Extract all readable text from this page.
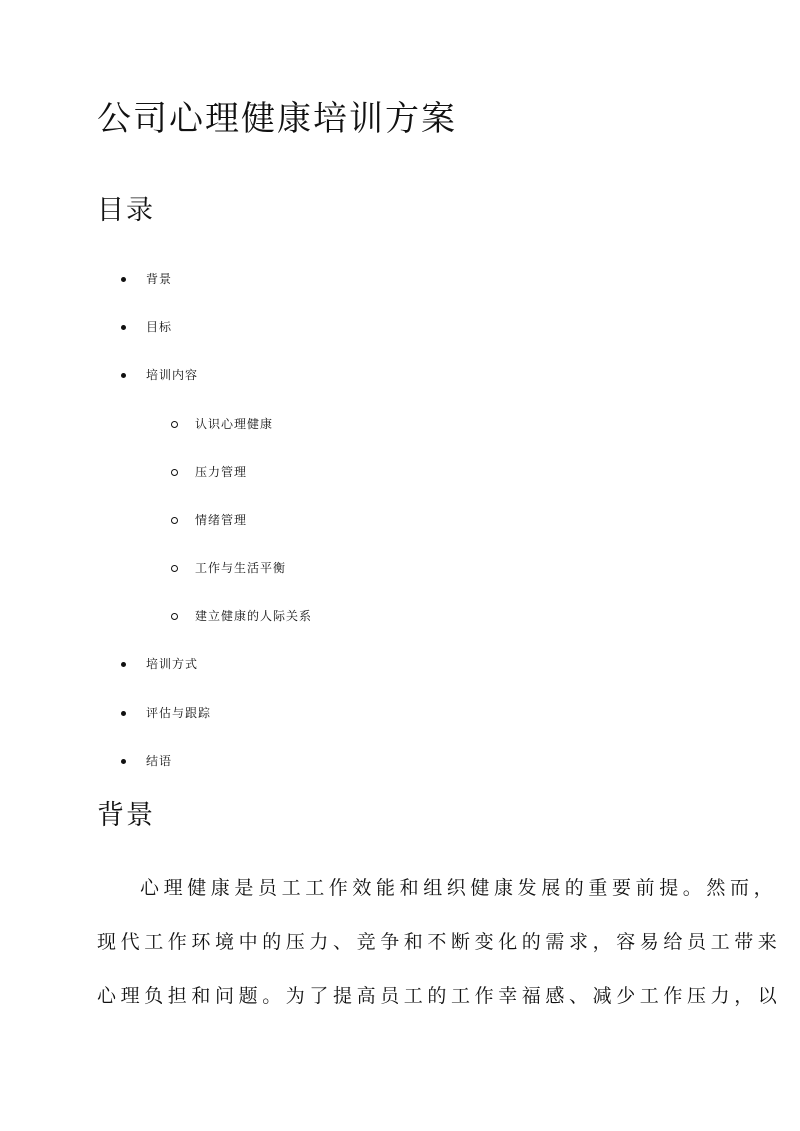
公司心理健康培训方案
目录
背景
目标
培训内容
认识心理健康
压力管理
情绪管理
工作与生活平衡
建立健康的人际关系
培训方式
评估与跟踪
结语
背景

心理健康是员工工作效能和组织健康发展的重要前提。然而，

现代工作环境中的压力、竞争和不断变化的需求，容易给员工带来

心理负担和问题。为了提高员工的工作幸福感、减少工作压力，以
